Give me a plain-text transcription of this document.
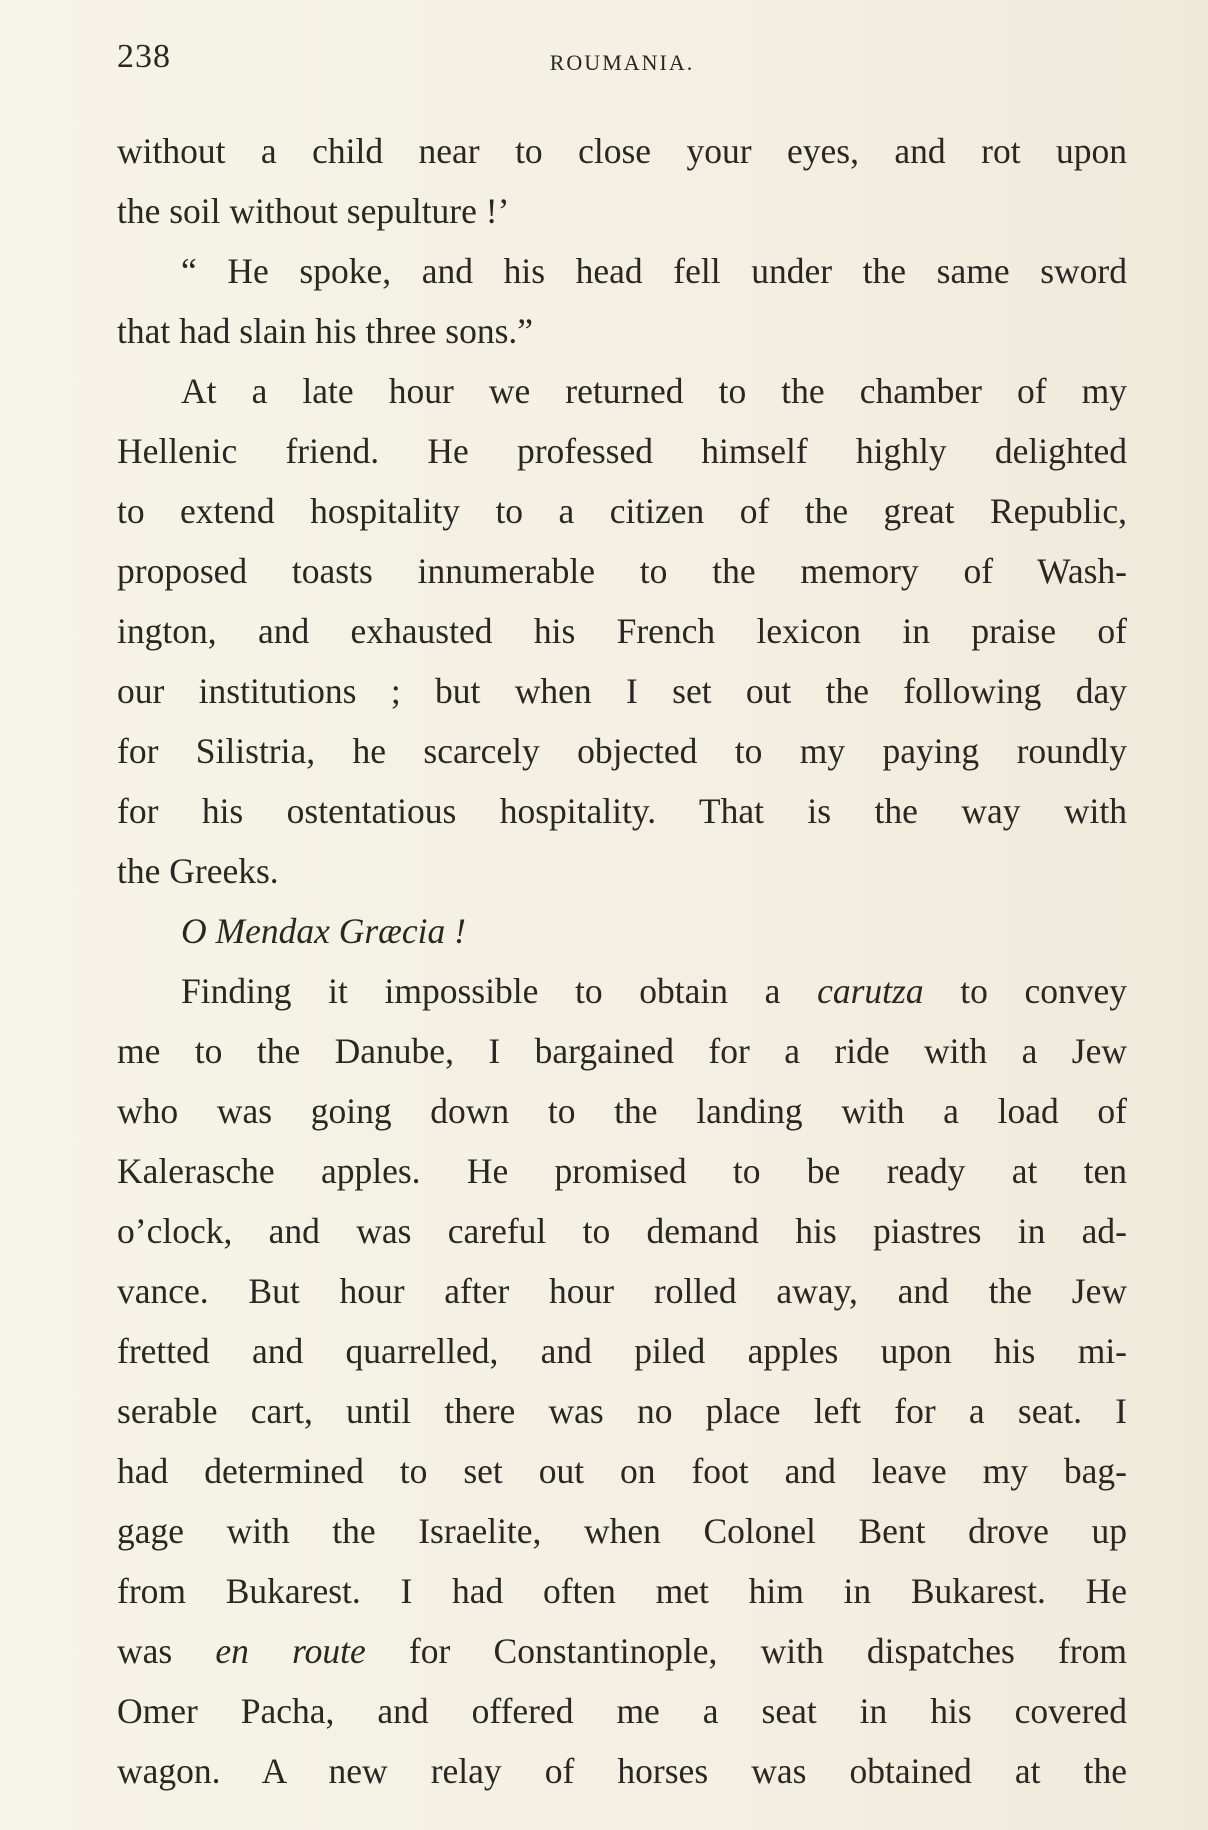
238	ROUMANIA.
without a child near to close your eyes, and rot upon
the soil without sepulture !’
“ He spoke, and his head fell under the same sword
that had slain his three sons.”
At a late hour we returned to the chamber of my
Hellenic friend. He professed himself highly delighted
to extend hospitality to a citizen of the great Republic,
proposed toasts innumerable to the memory of Wash-
ington, and exhausted his French lexicon in praise of
our institutions ; but when I set out the following day
for Silistria, he scarcely objected to my paying roundly
for his ostentatious hospitality. That is the way with
the Greeks.
O Mendax Græcia !
Finding it impossible to obtain a carutza to convey
me to the Danube, I bargained for a ride with a Jew
who was going down to the landing with a load of
Kalerasche apples. He promised to be ready at ten
o’clock, and was careful to demand his piastres in ad-
vance. But hour after hour rolled away, and the Jew
fretted and quarrelled, and piled apples upon his mi-
serable cart, until there was no place left for a seat. I
had determined to set out on foot and leave my bag-
gage with the Israelite, when Colonel Bent drove up
from Bukarest. I had often met him in Bukarest. He
was en route for Constantinople, with dispatches from
Omer Pacha, and offered me a seat in his covered
wagon. A new relay of horses was obtained at the
